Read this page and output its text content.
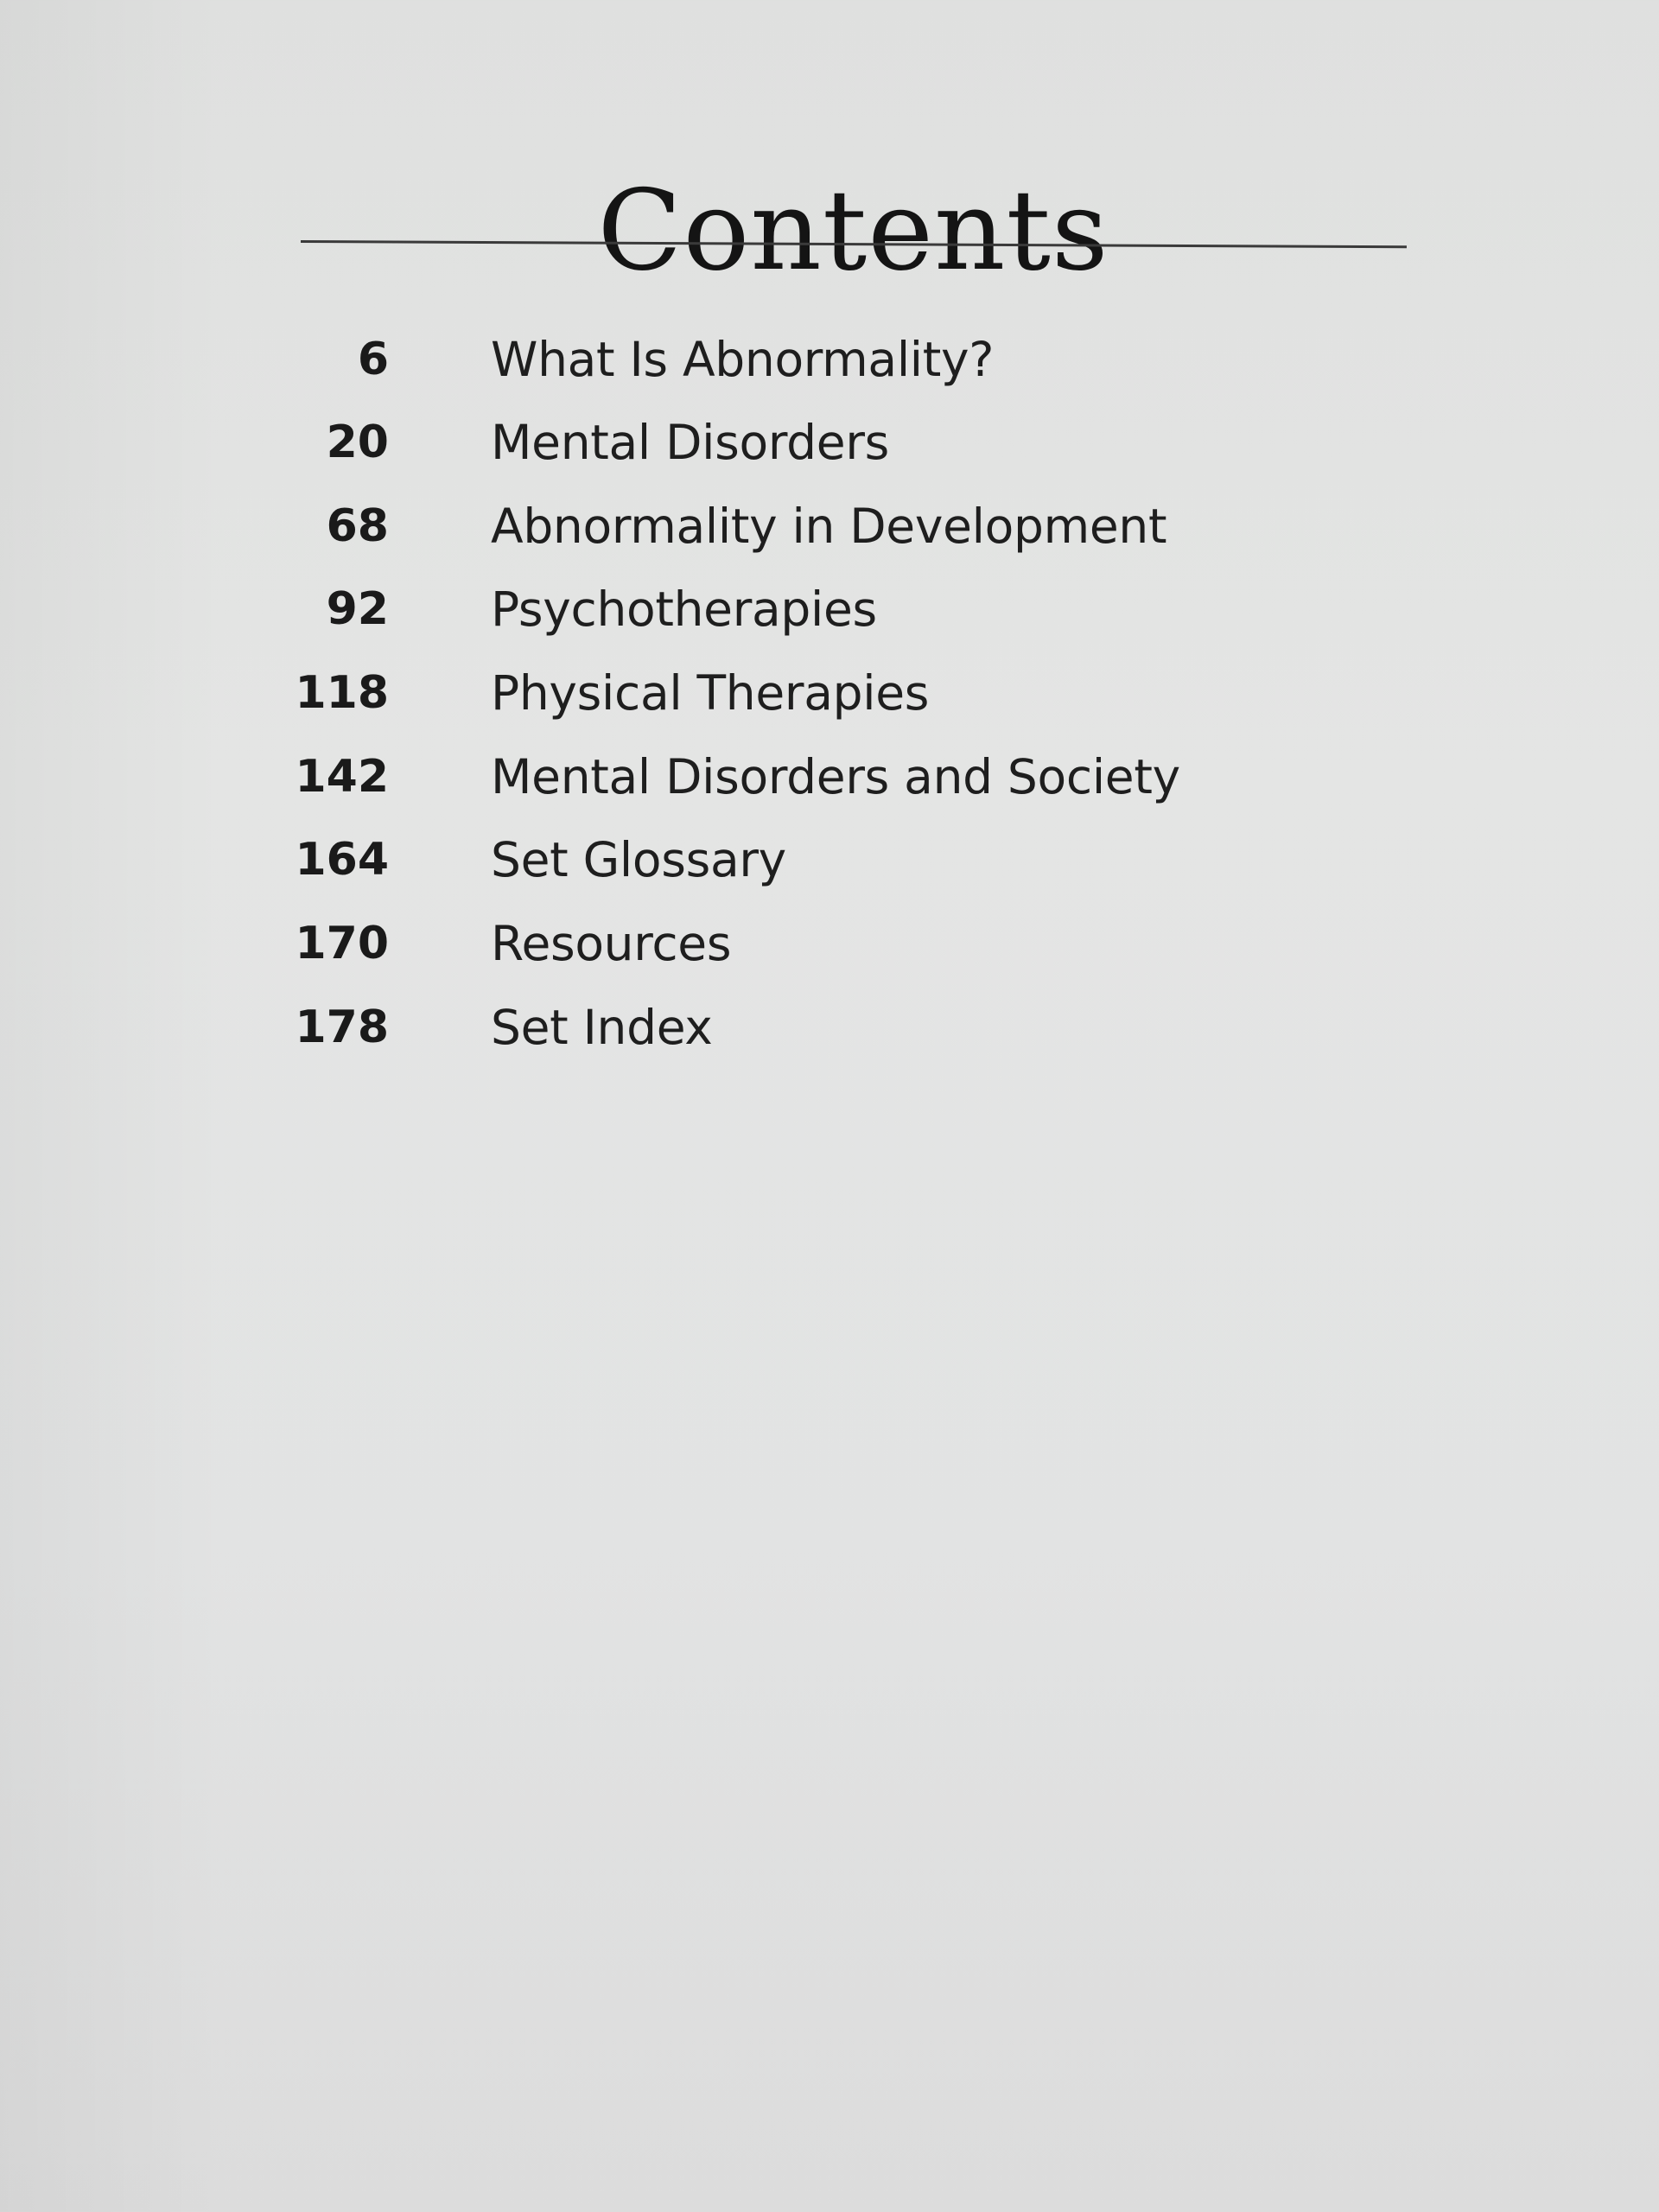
Contents
6 What Is Abnormality?
20 Mental Disorders
68 Abnormality in Development
92 Psychotherapies
118 Physical Therapies
142 Mental Disorders and Society
164 Set Glossary
170 Resources
178 Set Index
